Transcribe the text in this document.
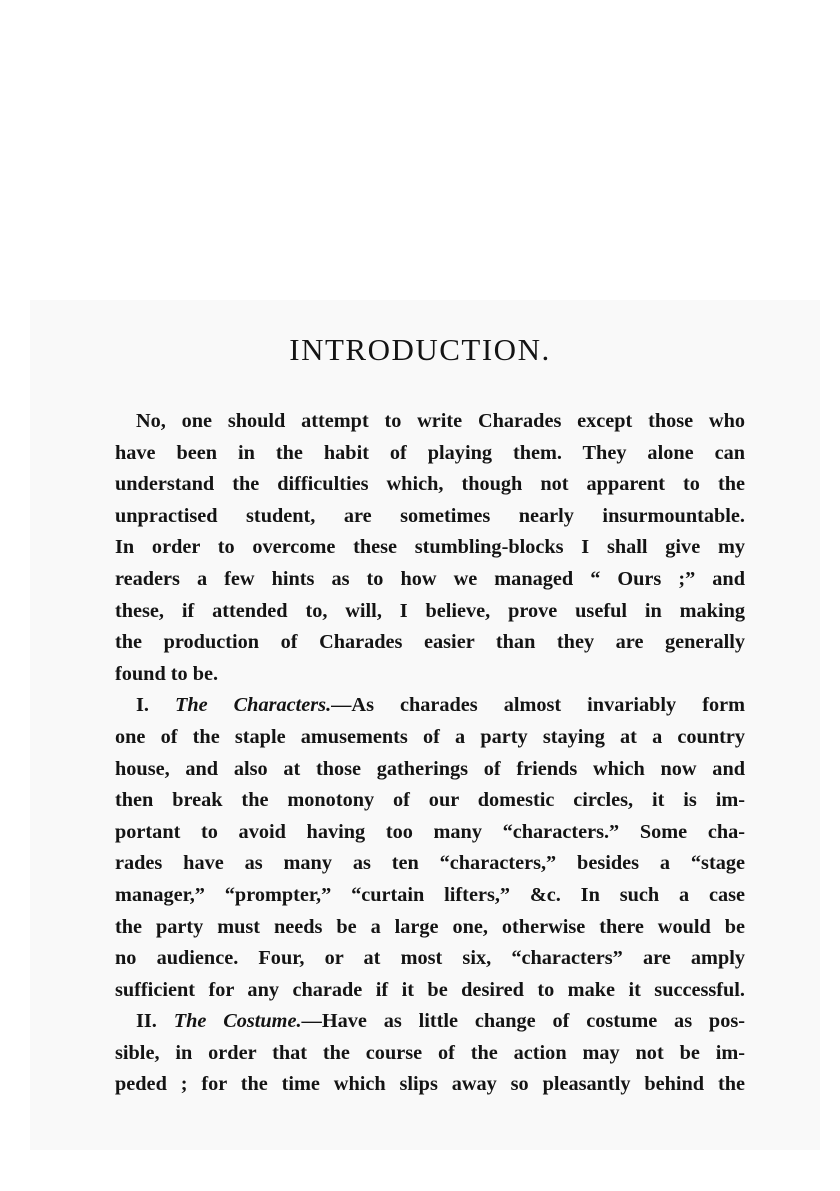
INTRODUCTION.
No, one should attempt to write Charades except those who
have been in the habit of playing them. They alone can
understand the difficulties which, though not apparent to the
unpractised student, are sometimes nearly insurmountable.
In order to overcome these stumbling-blocks I shall give my
readers a few hints as to how we managed “ Ours ;” and
these, if attended to, will, I believe, prove useful in making
the production of Charades easier than they are generally
found to be.
I. The Characters.—As charades almost invariably form
one of the staple amusements of a party staying at a country
house, and also at those gatherings of friends which now and
then break the monotony of our domestic circles, it is im-
portant to avoid having too many “characters.” Some cha-
rades have as many as ten “characters,” besides a “stage
manager,” “prompter,” “curtain lifters,” &c. In such a case
the party must needs be a large one, otherwise there would be
no audience. Four, or at most six, “characters” are amply
sufficient for any charade if it be desired to make it successful.
II. The Costume.—Have as little change of costume as pos-
sible, in order that the course of the action may not be im-
peded ; for the time which slips away so pleasantly behind the
